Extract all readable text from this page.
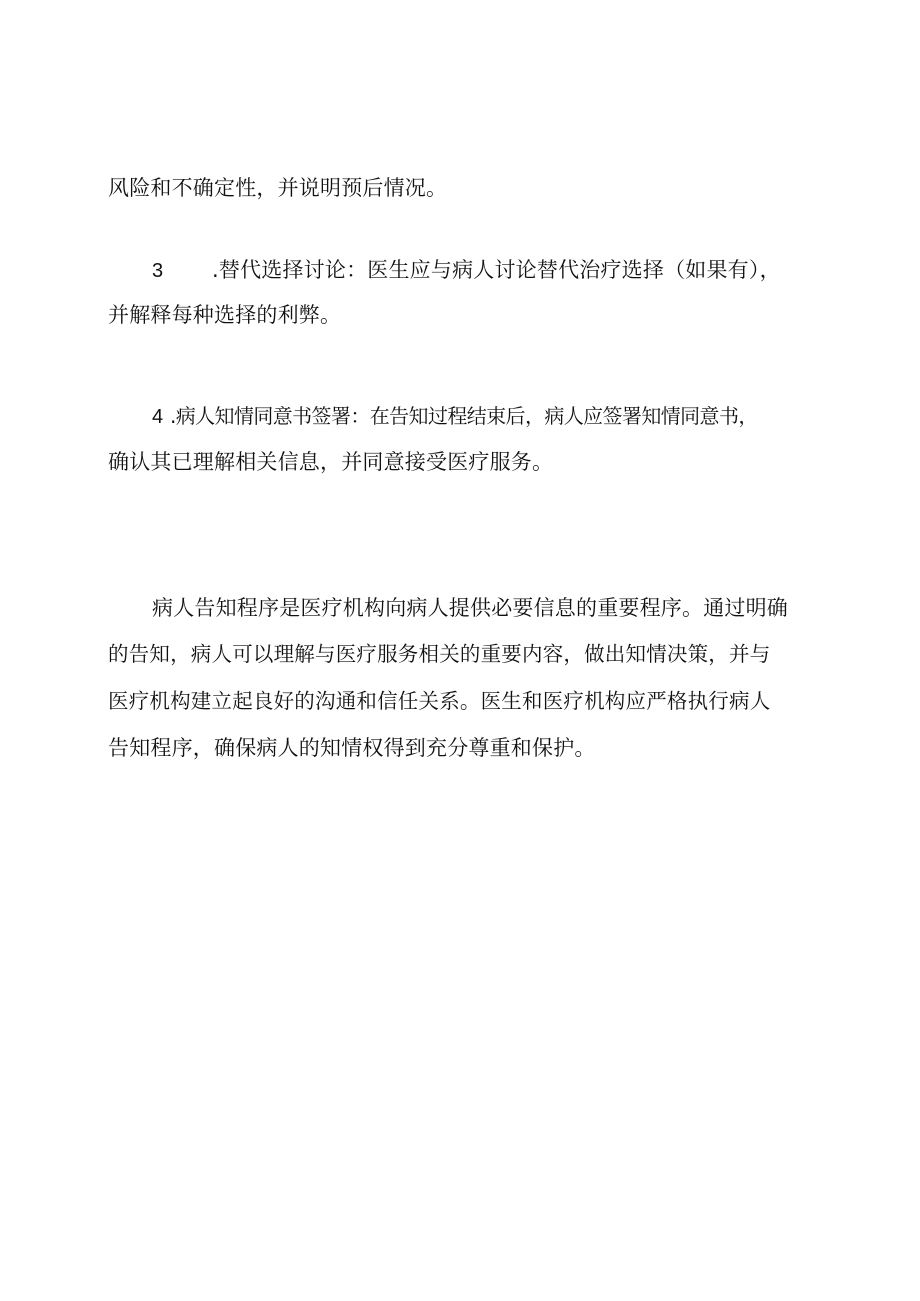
风险和不确定性，并说明预后情况。
3 .替代选择讨论：医生应与病人讨论替代治疗选择（如果有），
并解释每种选择的利弊。
4 .病人知情同意书签署：在告知过程结束后，病人应签署知情同意书，
确认其已理解相关信息，并同意接受医疗服务。
病人告知程序是医疗机构向病人提供必要信息的重要程序。通过明确
的告知，病人可以理解与医疗服务相关的重要内容，做出知情决策，并与
医疗机构建立起良好的沟通和信任关系。医生和医疗机构应严格执行病人
告知程序，确保病人的知情权得到充分尊重和保护。
